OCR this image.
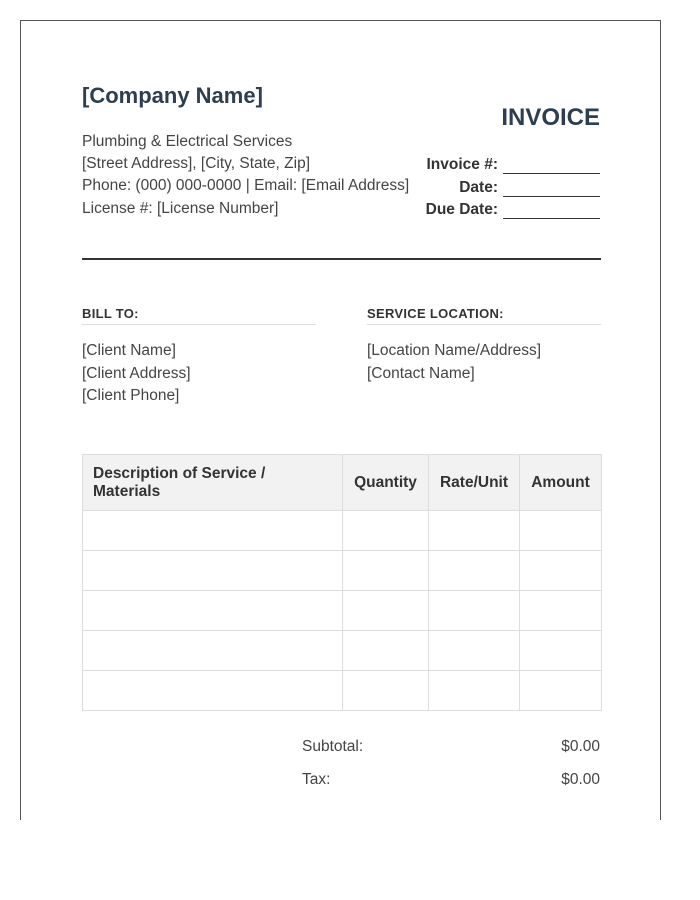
[Company Name]
Plumbing & Electrical Services
[Street Address], [City, State, Zip]
Phone: (000) 000-0000 | Email: [Email Address]
License #: [License Number]
INVOICE
Invoice #:
Date:
Due Date:
BILL TO:
[Client Name]
[Client Address]
[Client Phone]
SERVICE LOCATION:
[Location Name/Address]
[Contact Name]
Description of Service / Materials	Quantity	Rate/Unit	Amount

Subtotal:	$0.00
Tax:	$0.00
